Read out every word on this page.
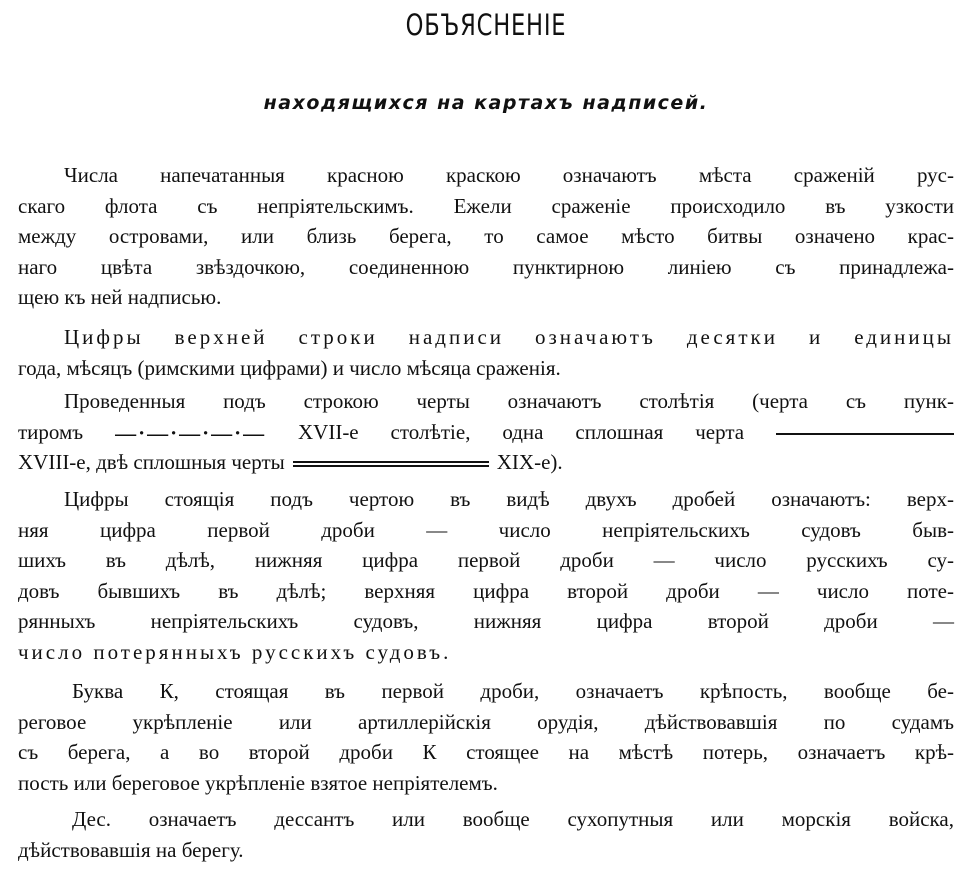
ОБЪЯСНЕНІЕ
находящихся на картахъ надписей.
Числа напечатанныя красною краскою означаютъ мѣста сраженій рус-
скаго флота съ непріятельскимъ. Ежели сраженіе происходило въ узкости
между островами, или близь берега, то самое мѣсто битвы означено крас-
наго цвѣта звѣздочкою, соединенною пунктирною линіею съ принадлежа-
щею къ ней надписью.
Цифры верхней строки надписи означаютъ десятки и единицы
года, мѣсяцъ (римскими цифрами) и число мѣсяца сраженія.
Проведенныя подъ строкою черты означаютъ столѣтія (черта съ пунк-
тиромъ —·—·—·—·— XVII-е столѣтіе, одна сплошная черта
XVIII-е, двѣ сплошныя черты	XIX-е).
Цифры стоящія подъ чертою въ видѣ двухъ дробей означаютъ: верх-
няя цифра первой дроби — число непріятельскихъ судовъ быв-
шихъ въ дѣлѣ, нижняя цифра первой дроби — число русскихъ су-
довъ бывшихъ въ дѣлѣ; верхняя цифра второй дроби — число поте-
рянныхъ непріятельскихъ судовъ, нижняя цифра второй дроби —
число потерянныхъ русскихъ судовъ.
Буква К, стоящая въ первой дроби, означаетъ крѣпость, вообще бе-
реговое укрѣпленіе или артиллерійскія орудія, дѣйствовавшія по судамъ
съ берега, а во второй дроби К стоящее на мѣстѣ потерь, означаетъ крѣ-
пость или береговое укрѣпленіе взятое непріятелемъ.
Дес. означаетъ дессантъ или вообще сухопутныя или морскія войска,
дѣйствовавшія на берегу.
